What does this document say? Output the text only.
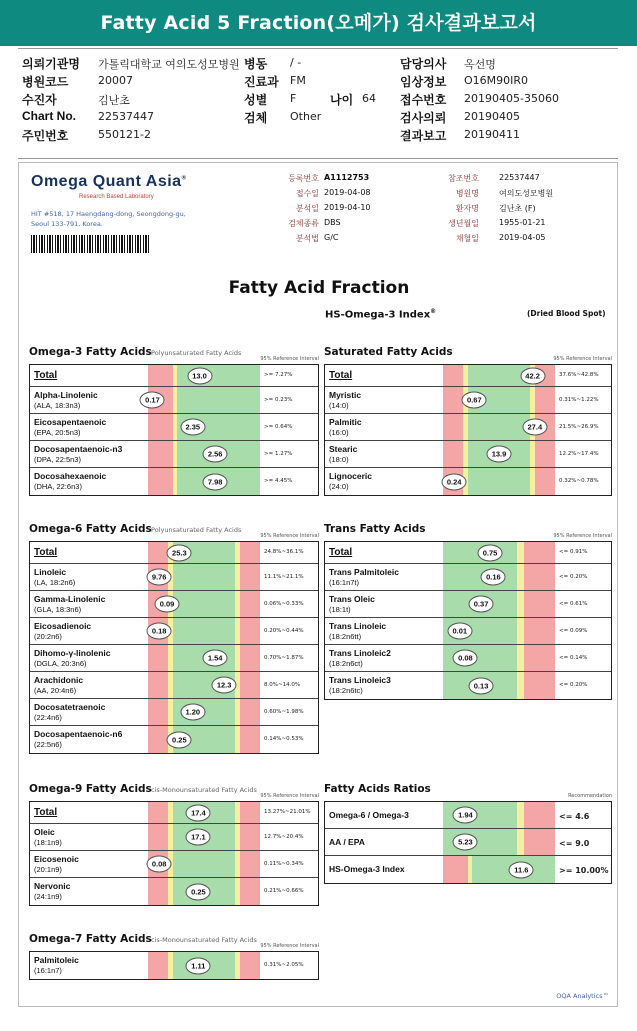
Fatty Acid 5 Fraction(오메가) 검사결과보고서
의뢰기관명 가톨릭대학교 여의도성모병원
병원코드	20007
수진자	김난초
Chart No. 22537447
주민번호	550121-2
병동 / -
진료과 FM
성별 F	나이 64
검체 Other
담당의사 옥선명
임상정보 O16M90IR0
접수번호 20190405-35060
검사의뢰 20190405
결과보고 20190411
Omega Quant Asia®
Research Based Laboratory
HIT #518, 17 Haengdang-dong, Seongdong-gu,
Seoul 133-791, Korea.
등록번호 A1112753
접수일 2019-04-08
분석일 2019-04-10
검체종류 DBS
분석법 G/C
참조번호	22537447
병원명	여의도성모병원
환자명	김난초 (F)
생년월일	1955-01-21
채혈일	2019-04-05
Fatty Acid Fraction
HS-Omega-3 Index®	(Dried Blood Spot)
Omega-3 Fatty Acids Polyunsaturated Fatty Acids
95% Reference Interval
Total	13.0	>= 7.27%
Alpha-Linolenic
(ALA, 18:3n3)
0.17	>= 0.23%
Eicosapentaenoic
(EPA, 20:5n3)
2.35	>= 0.64%
Docosapentaenoic-n3
(DPA, 22:5n3)
2.56	>= 1.27%
Docosahexaenoic
(DHA, 22:6n3)
7.98	>= 4.45%
Saturated Fatty Acids
95% Reference Interval
Total	42.2	37.6%~42.8%
Myristic
(14:0)
0.67	0.31%~1.22%
Palmitic
(16:0)
27.4	21.5%~26.9%
Stearic
(18:0)
13.9	12.2%~17.4%
Lignoceric
(24:0)
0.24	0.32%~0.78%
Omega-6 Fatty Acids Polyunsaturated Fatty Acids
95% Reference Interval
Total	25.3	24.8%~36.1%
Linoleic
(LA, 18:2n6)
9.76	11.1%~21.1%
Gamma-Linolenic
(GLA, 18:3n6)
0.09	0.06%~0.33%
Eicosadienoic
(20:2n6)
0.18	0.20%~0.44%
Dihomo-γ-linolenic
(DGLA, 20:3n6)
1.54	0.70%~1.87%
Arachidonic
(AA, 20:4n6)
12.3	8.0%~14.0%
Docosatetraenoic
(22:4n6)
1.20	0.60%~1.98%
Docosapentaenoic-n6
(22:5n6)
0.25	0.14%~0.53%
Trans Fatty Acids
95% Reference Interval
Total	0.75	<= 0.91%
Trans Palmitoleic
(16:1n7t)
0.16	<= 0.20%
Trans Oleic
(18:1t)
0.37	<= 0.61%
Trans Linoleic
(18:2n6tt)
0.01	<= 0.09%
Trans Linoleic2
(18:2n6ct)
0.08	<= 0.14%
Trans Linoleic3
(18:2n6tc)
0.13	<= 0.20%
Omega-9 Fatty Acids cis-Monounsaturated Fatty Acids
95% Reference Interval
Total	17.4	13.27%~21.01%
Oleic
(18:1n9)
17.1	12.7%~20.4%
Eicosenoic
(20:1n9)
0.08	0.11%~0.34%
Nervonic
(24:1n9)
0.25	0.21%~0.66%
Omega-7 Fatty Acids cis-Monounsaturated Fatty Acids
95% Reference Interval
Palmitoleic
(16:1n7)
1.11	0.31%~2.05%
Fatty Acids Ratios
Recommendation
Omega-6 / Omega-3	1.94	<= 4.6
AA / EPA	5.23	<= 9.0
HS-Omega-3 Index	11.6	>= 10.00%
OQA Analytics™
